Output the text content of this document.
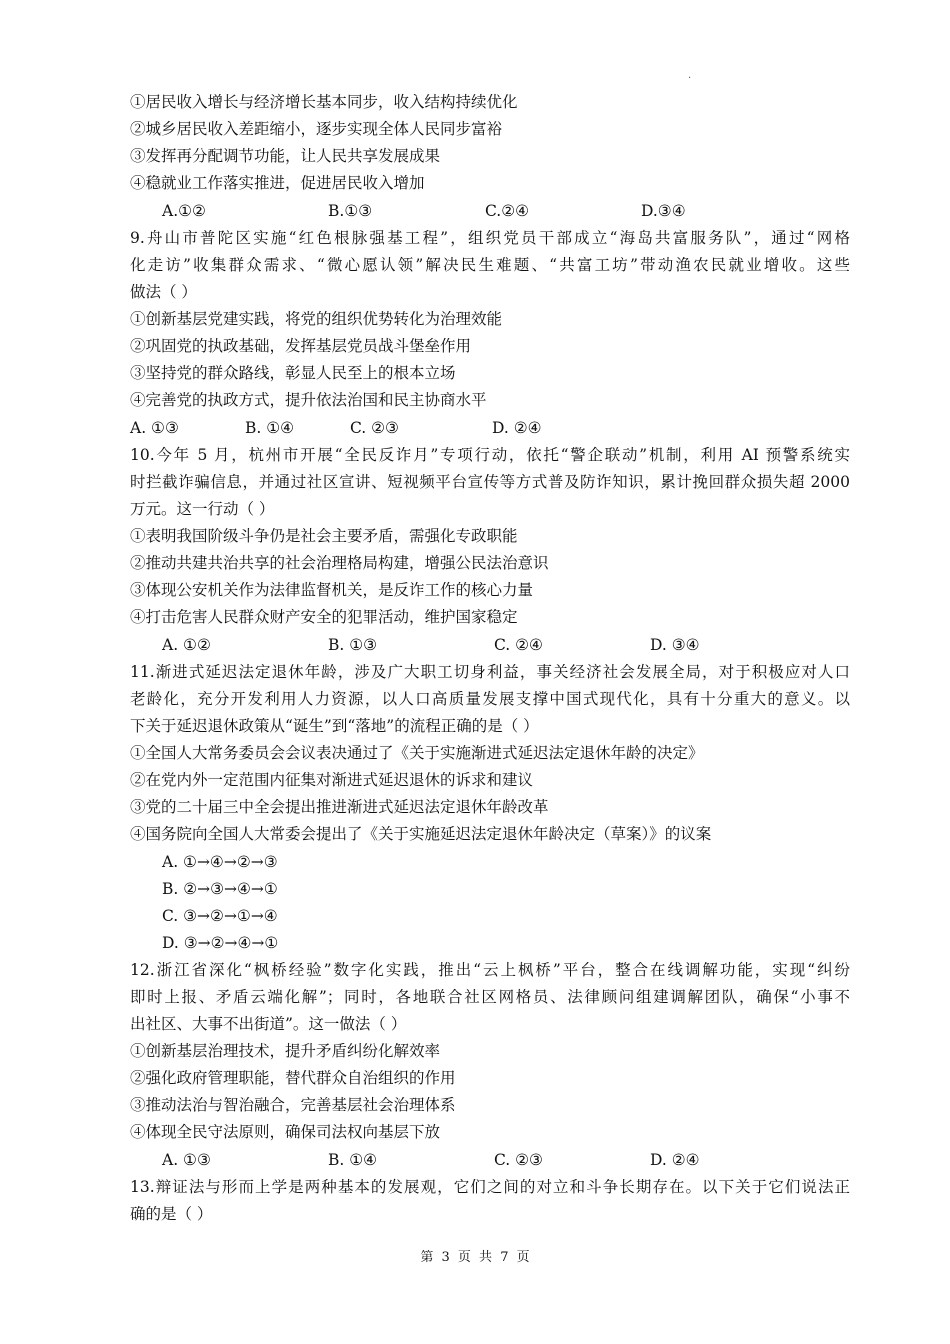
.
①居民收入增长与经济增长基本同步，收入结构持续优化
②城乡居民收入差距缩小，逐步实现全体人民同步富裕
③发挥再分配调节功能，让人民共享发展成果
④稳就业工作落实推进，促进居民收入增加
A.①②	B.①③	C.②④	D.③④
9.舟山市普陀区实施“红色根脉强基工程”，组织党员干部成立“海岛共富服务队”，通过“网格
化走访”收集群众需求、“微心愿认领”解决民生难题、“共富工坊”带动渔农民就业增收。这些
做法（ ）
①创新基层党建实践，将党的组织优势转化为治理效能
②巩固党的执政基础，发挥基层党员战斗堡垒作用
③坚持党的群众路线，彰显人民至上的根本立场
④完善党的执政方式，提升依法治国和民主协商水平
A. ①③	B. ①④	C. ②③	D. ②④
10.今年 5 月，杭州市开展“全民反诈月”专项行动，依托“警企联动”机制，利用 AI 预警系统实
时拦截诈骗信息，并通过社区宣讲、短视频平台宣传等方式普及防诈知识，累计挽回群众损失超 2000
万元。这一行动（ ）
①表明我国阶级斗争仍是社会主要矛盾，需强化专政职能
②推动共建共治共享的社会治理格局构建，增强公民法治意识
③体现公安机关作为法律监督机关，是反诈工作的核心力量
④打击危害人民群众财产安全的犯罪活动，维护国家稳定
A. ①②	B. ①③	C. ②④	D. ③④
11.渐进式延迟法定退休年龄，涉及广大职工切身利益，事关经济社会发展全局，对于积极应对人口
老龄化，充分开发利用人力资源，以人口高质量发展支撑中国式现代化，具有十分重大的意义。以
下关于延迟退休政策从“诞生”到“落地”的流程正确的是（ ）
①全国人大常务委员会会议表决通过了《关于实施渐进式延迟法定退休年龄的决定》
②在党内外一定范围内征集对渐进式延迟退休的诉求和建议
③党的二十届三中全会提出推进渐进式延迟法定退休年龄改革
④国务院向全国人大常委会提出了《关于实施延迟法定退休年龄决定（草案）》的议案
A. ①→④→②→③
B. ②→③→④→①
C. ③→②→①→④
D. ③→②→④→①
12.浙江省深化“枫桥经验”数字化实践，推出“云上枫桥”平台，整合在线调解功能，实现“纠纷
即时上报、矛盾云端化解”；同时，各地联合社区网格员、法律顾问组建调解团队，确保“小事不
出社区、大事不出街道”。这一做法（ ）
①创新基层治理技术，提升矛盾纠纷化解效率
②强化政府管理职能，替代群众自治组织的作用
③推动法治与智治融合，完善基层社会治理体系
④体现全民守法原则，确保司法权向基层下放
A. ①③	B. ①④	C. ②③	D. ②④
13.辩证法与形而上学是两种基本的发展观，它们之间的对立和斗争长期存在。以下关于它们说法正
确的是（ ）
第 3 页 共 7 页
